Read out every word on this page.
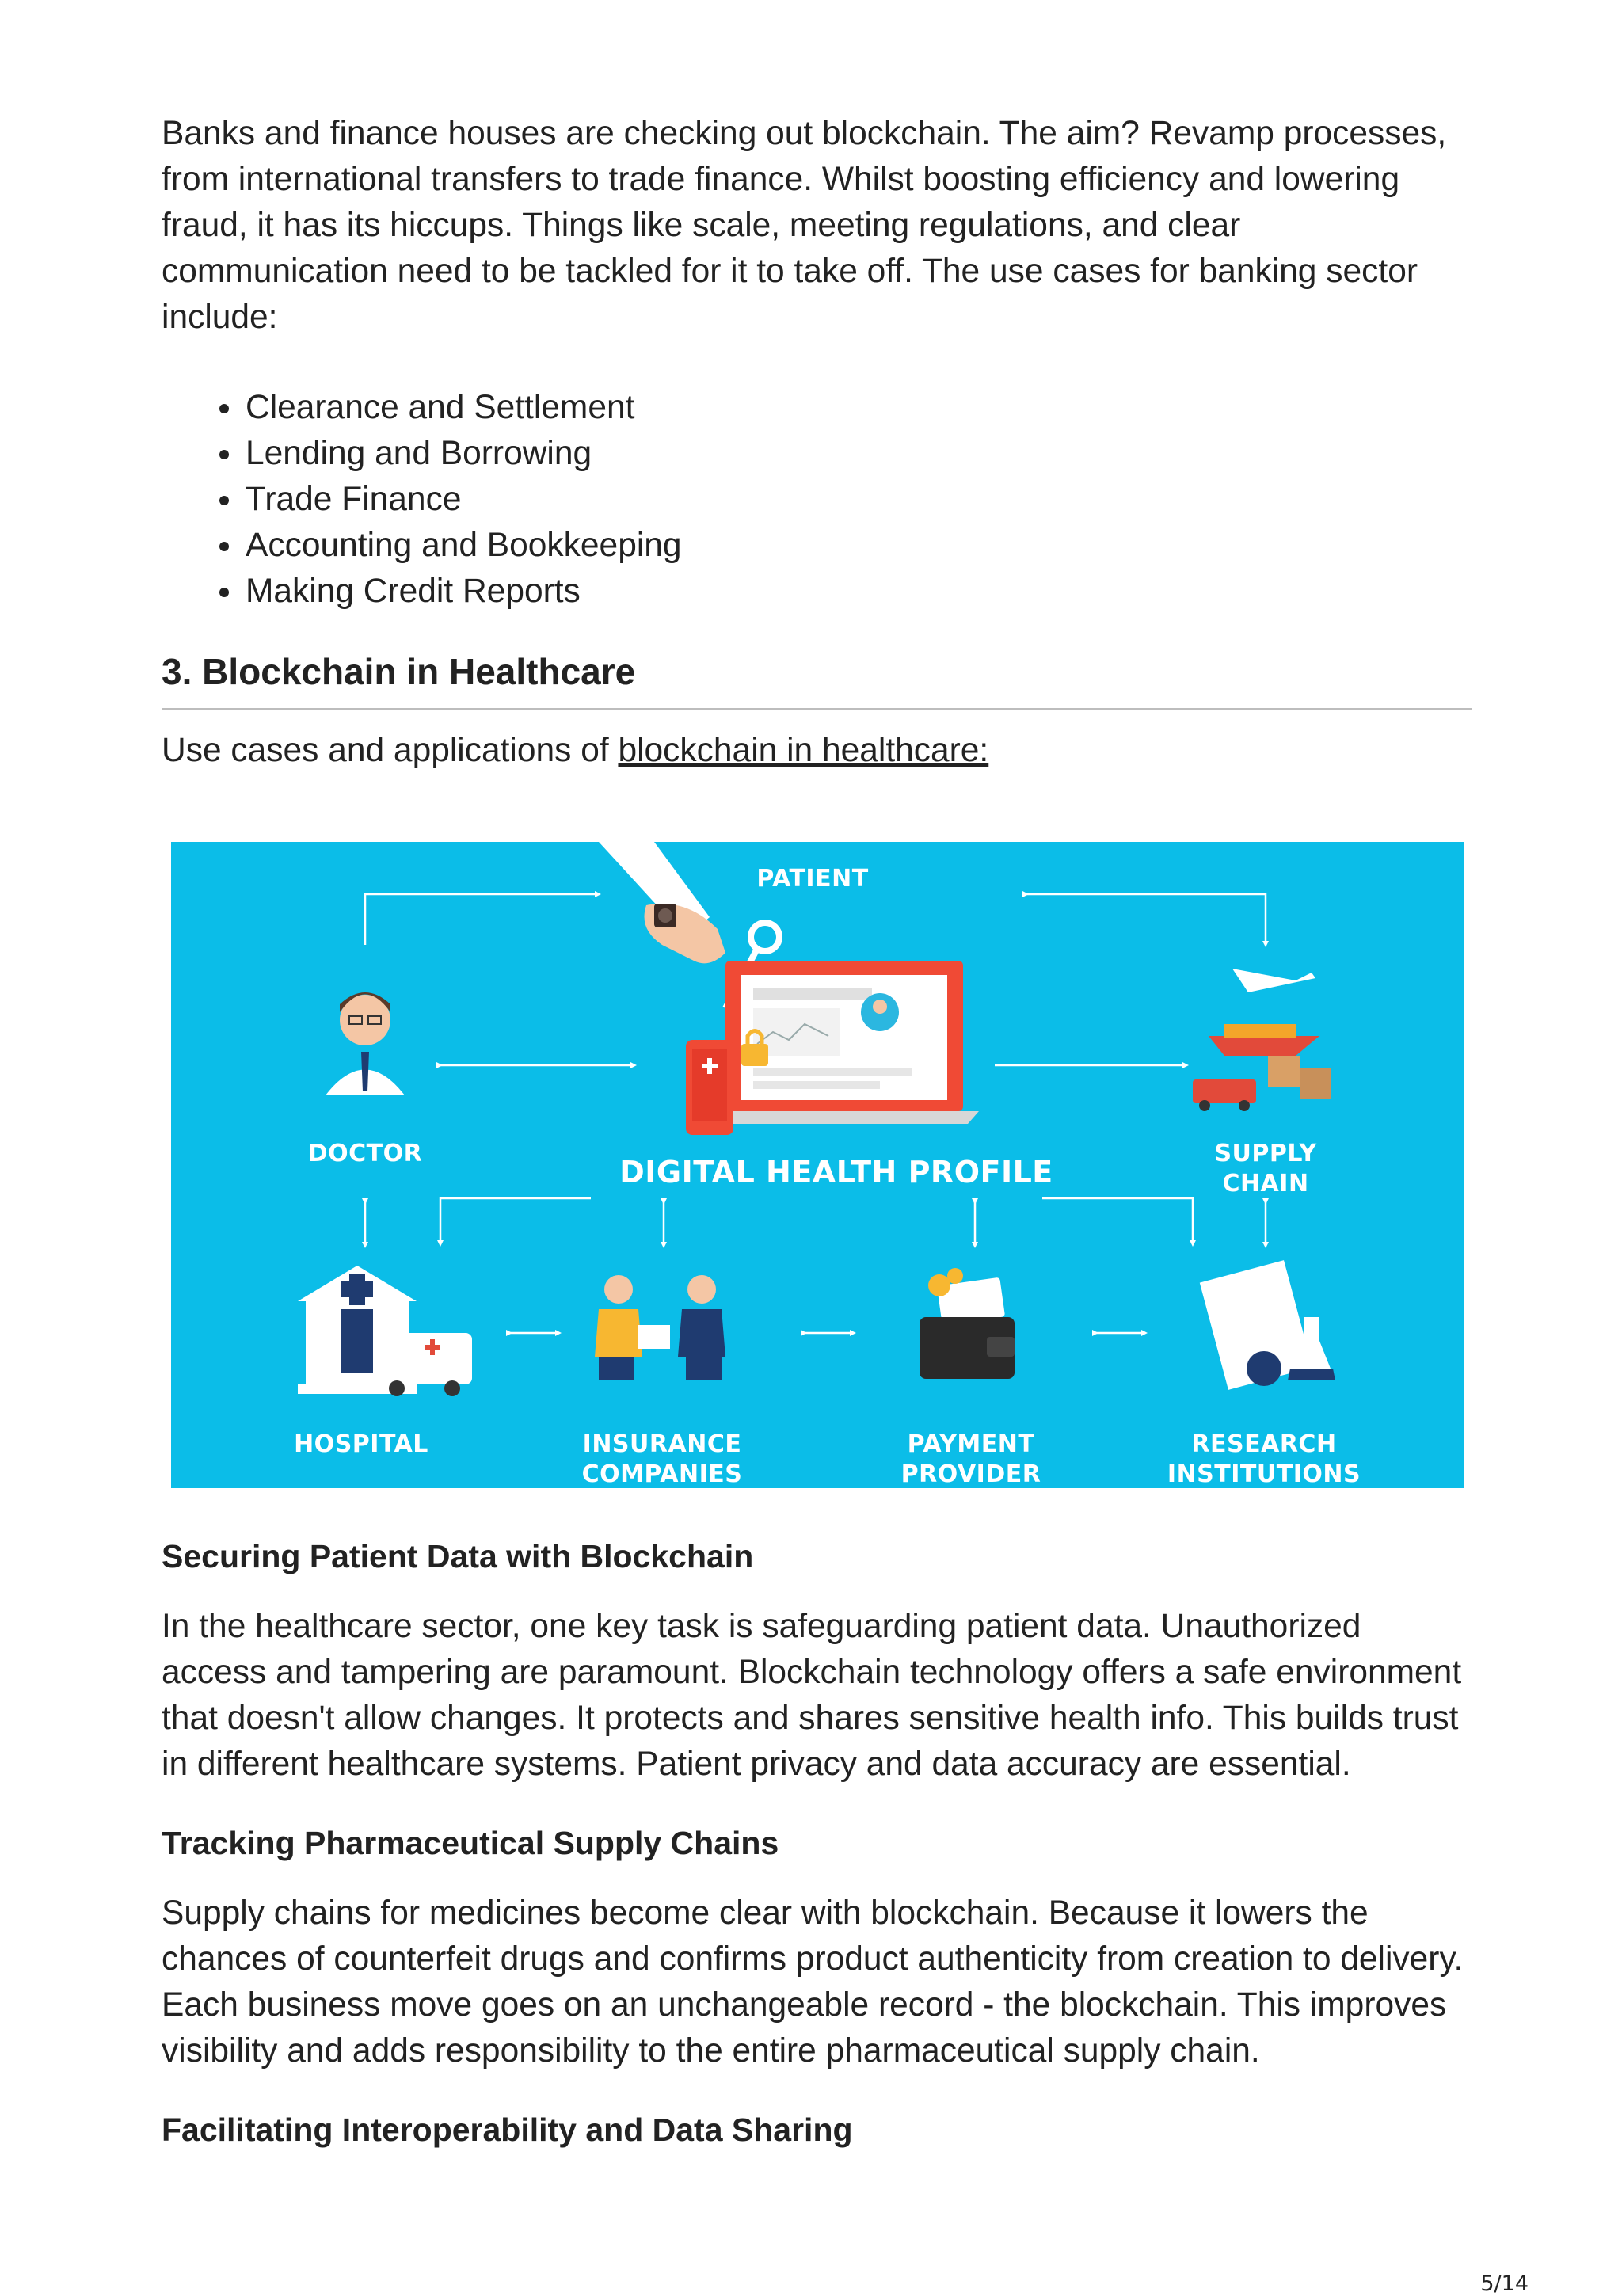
Banks and finance houses are checking out blockchain. The aim? Revamp processes, from international transfers to trade finance. Whilst boosting efficiency and lowering fraud, it has its hiccups. Things like scale, meeting regulations, and clear communication need to be tackled for it to take off. The use cases for banking sector include:

• Clearance and Settlement
• Lending and Borrowing
• Trade Finance
• Accounting and Bookkeeping
• Making Credit Reports
3. Blockchain in Healthcare
Use cases and applications of blockchain in healthcare:
PATIENT
DIGITAL HEALTH PROFILE
DOCTOR	SUPPLY CHAIN
HOSPITAL	INSURANCE
COMPANIES
PAYMENT
PROVIDER
RESEARCH
INSTITUTIONS
Securing Patient Data with Blockchain

In the healthcare sector, one key task is safeguarding patient data. Unauthorized access and tampering are paramount. Blockchain technology offers a safe environment that doesn't allow changes. It protects and shares sensitive health info. This builds trust in different healthcare systems. Patient privacy and data accuracy are essential.

Tracking Pharmaceutical Supply Chains

Supply chains for medicines become clear with blockchain. Because it lowers the chances of counterfeit drugs and confirms product authenticity from creation to delivery. Each business move goes on an unchangeable record - the blockchain. This improves visibility and adds responsibility to the entire pharmaceutical supply chain.

Facilitating Interoperability and Data Sharing
5/14
